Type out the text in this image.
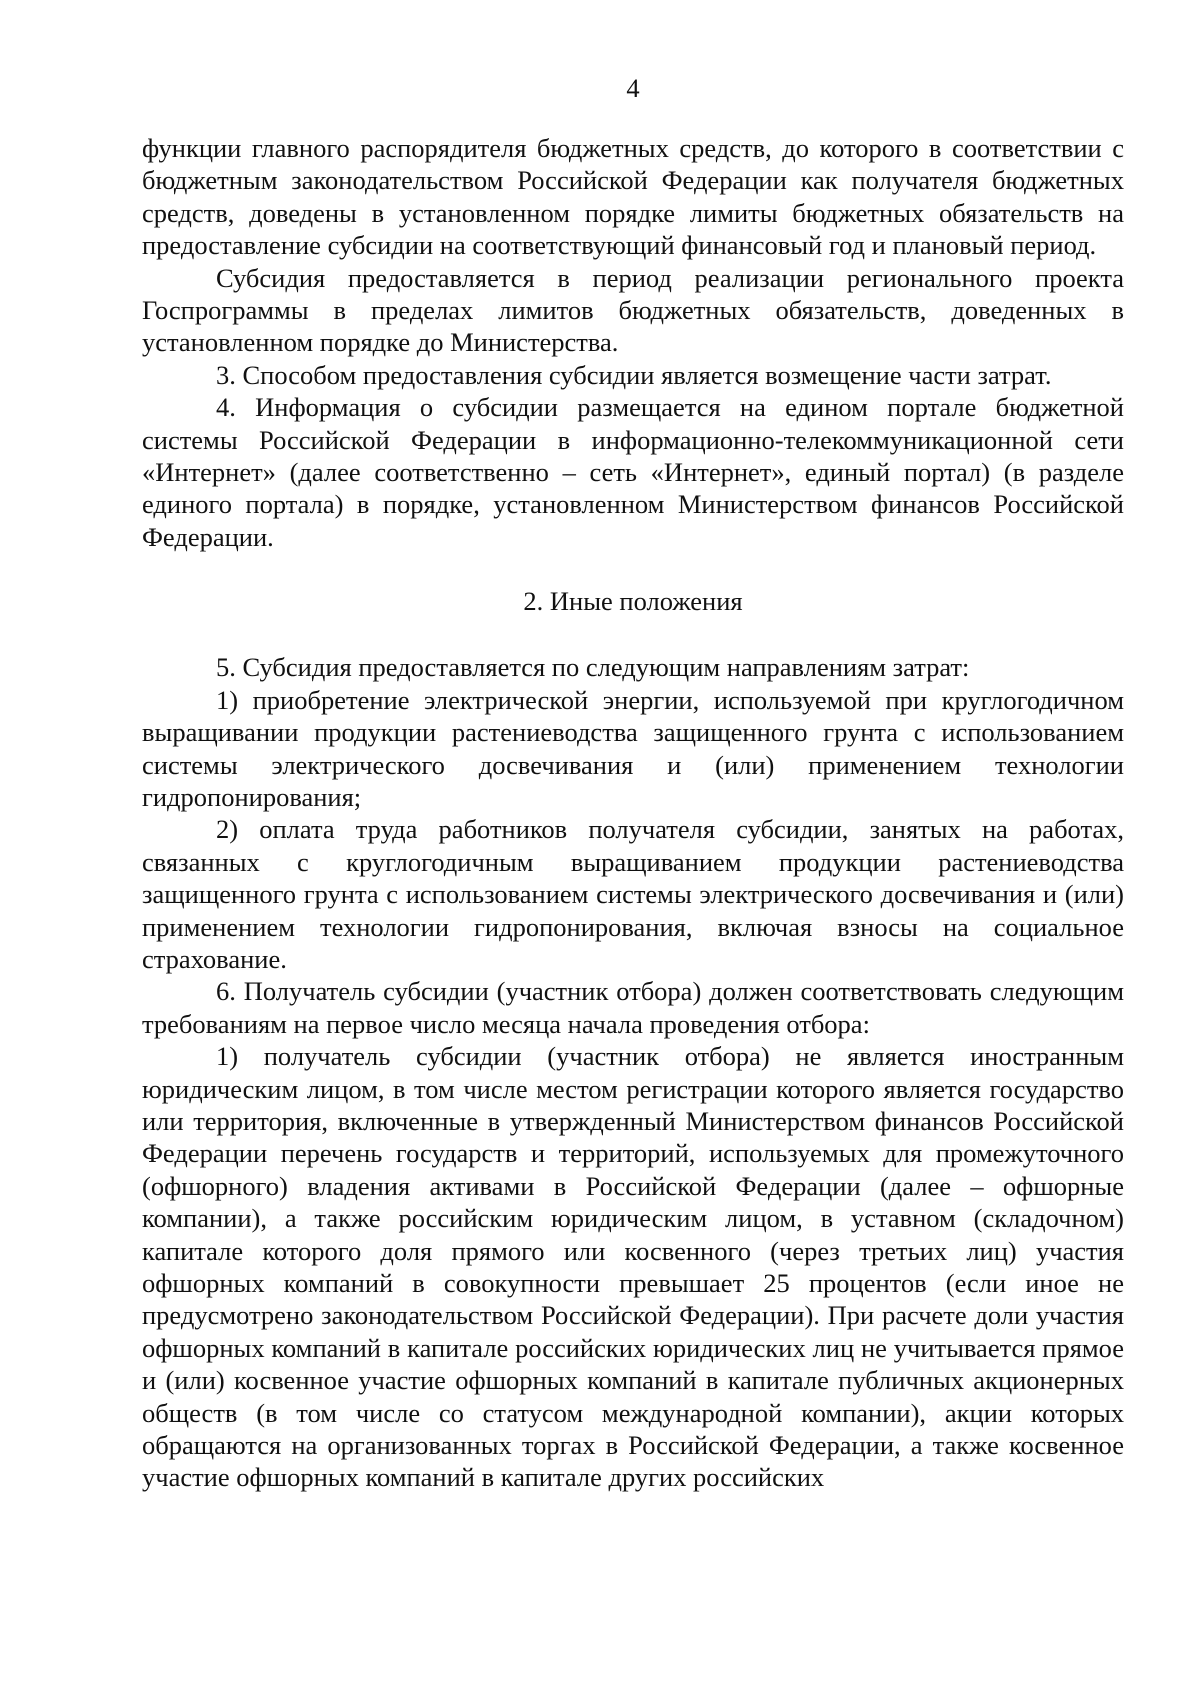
4

функции главного распорядителя бюджетных средств, до которого в соответствии с бюджетным законодательством Российской Федерации как получателя бюджетных средств, доведены в установленном порядке лимиты бюджетных обязательств на предоставление субсидии на соответствующий финансовый год и плановый период.

Субсидия предоставляется в период реализации регионального проекта Госпрограммы в пределах лимитов бюджетных обязательств, доведенных в установленном порядке до Министерства.

3. Способом предоставления субсидии является возмещение части затрат.

4. Информация о субсидии размещается на едином портале бюджетной системы Российской Федерации в информационно-телекоммуникационной сети «Интернет» (далее соответственно – сеть «Интернет», единый портал) (в разделе единого портала) в порядке, установленном Министерством финансов Российской Федерации.

2. Иные положения

5. Субсидия предоставляется по следующим направлениям затрат:

1) приобретение электрической энергии, используемой при круглогодичном выращивании продукции растениеводства защищенного грунта с использованием системы электрического досвечивания и (или) применением технологии гидропонирования;

2) оплата труда работников получателя субсидии, занятых на работах, связанных с круглогодичным выращиванием продукции растениеводства защищенного грунта с использованием системы электрического досвечивания и (или) применением технологии гидропонирования, включая взносы на социальное страхование.

6. Получатель субсидии (участник отбора) должен соответствовать следующим требованиям на первое число месяца начала проведения отбора:

1) получатель субсидии (участник отбора) не является иностранным юридическим лицом, в том числе местом регистрации которого является государство или территория, включенные в утвержденный Министерством финансов Российской Федерации перечень государств и территорий, используемых для промежуточного (офшорного) владения активами в Российской Федерации (далее – офшорные компании), а также российским юридическим лицом, в уставном (складочном) капитале которого доля прямого или косвенного (через третьих лиц) участия офшорных компаний в совокупности превышает 25 процентов (если иное не предусмотрено законодательством Российской Федерации). При расчете доли участия офшорных компаний в капитале российских юридических лиц не учитывается прямое и (или) косвенное участие офшорных компаний в капитале публичных акционерных обществ (в том числе со статусом международной компании), акции которых обращаются на организованных торгах в Российской Федерации, а также косвенное участие офшорных компаний в капитале других российских
